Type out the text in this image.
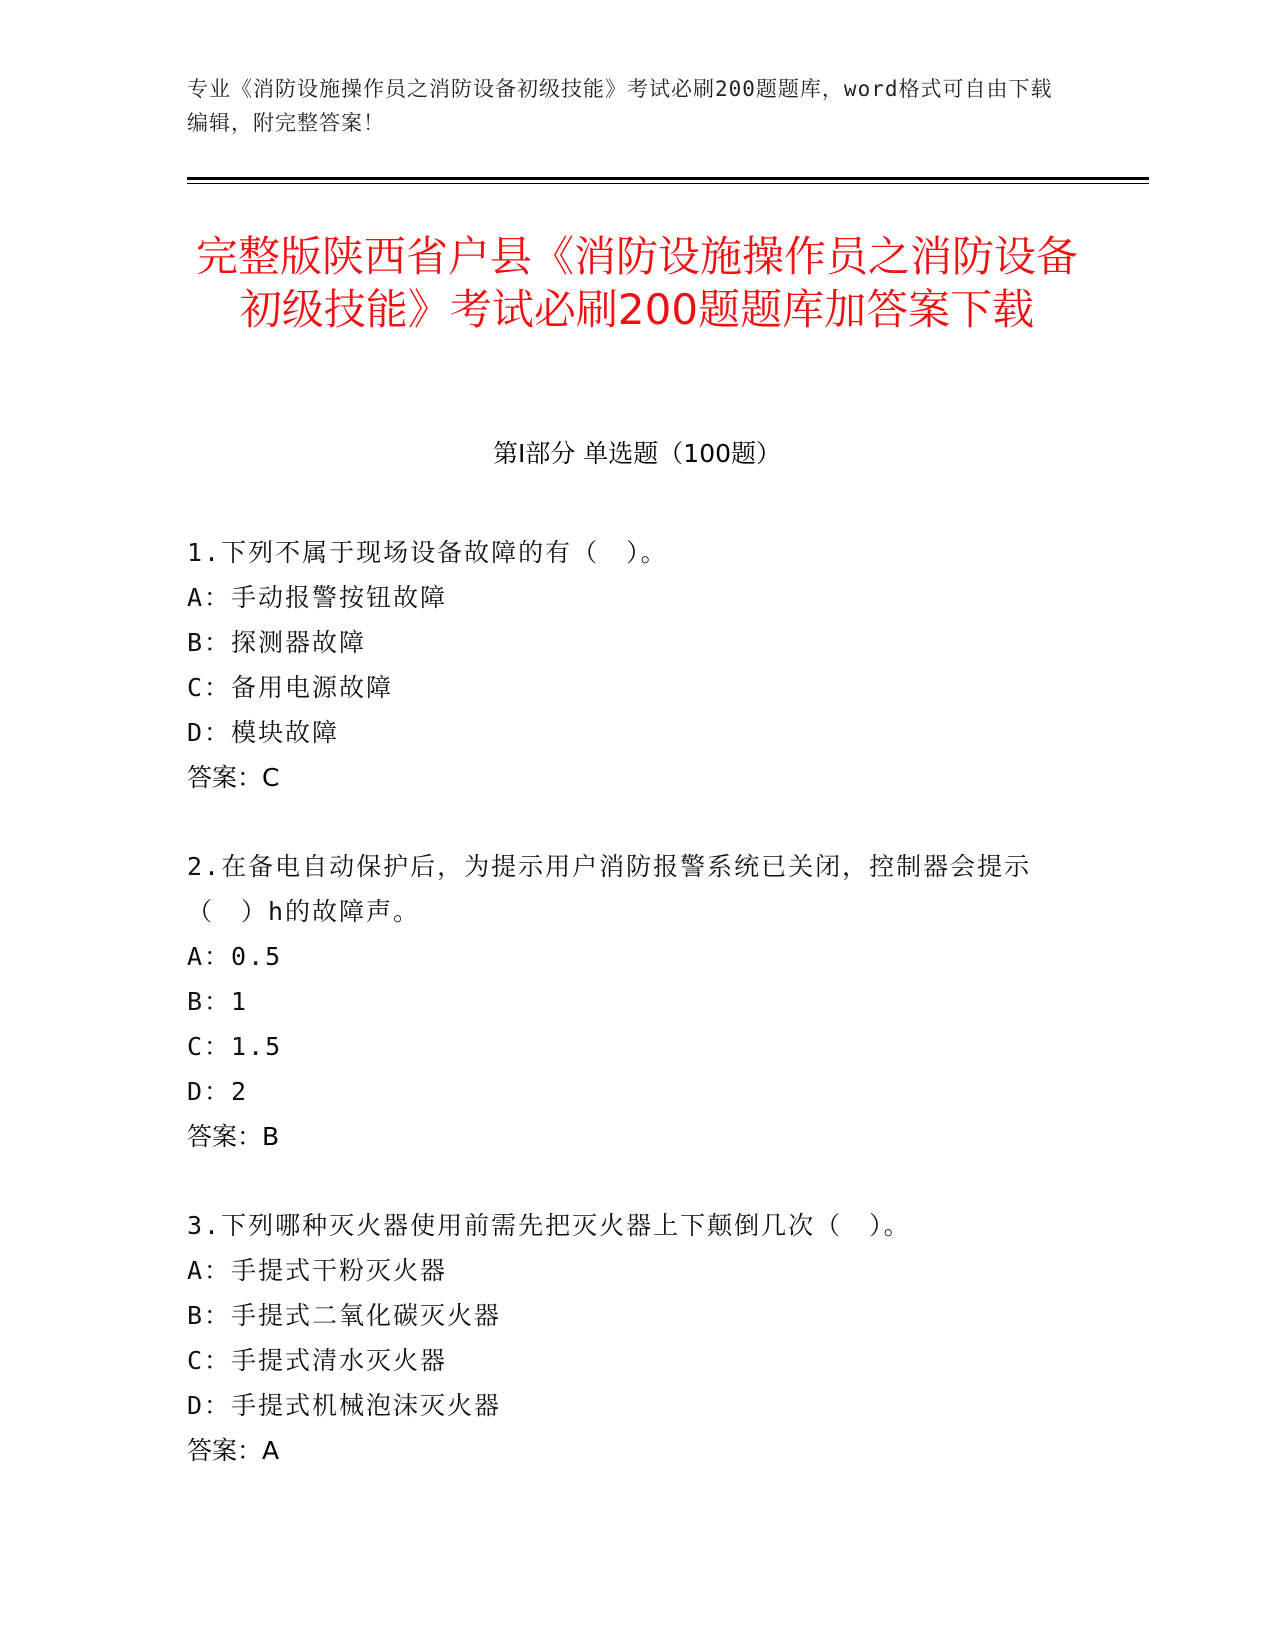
专业《消防设施操作员之消防设备初级技能》考试必刷200题题库，word格式可自由下载编辑，附完整答案！
完整版陕西省户县《消防设施操作员之消防设备初级技能》考试必刷200题题库加答案下载
第I部分 单选题（100题）
1.下列不属于现场设备故障的有（　）。
A：手动报警按钮故障
B：探测器故障
C：备用电源故障
D：模块故障
答案：C
2.在备电自动保护后，为提示用户消防报警系统已关闭，控制器会提示（　）h的故障声。
A：0.5
B：1
C：1.5
D：2
答案：B
3.下列哪种灭火器使用前需先把灭火器上下颠倒几次（　）。
A：手提式干粉灭火器
B：手提式二氧化碳灭火器
C：手提式清水灭火器
D：手提式机械泡沫灭火器
答案：A
